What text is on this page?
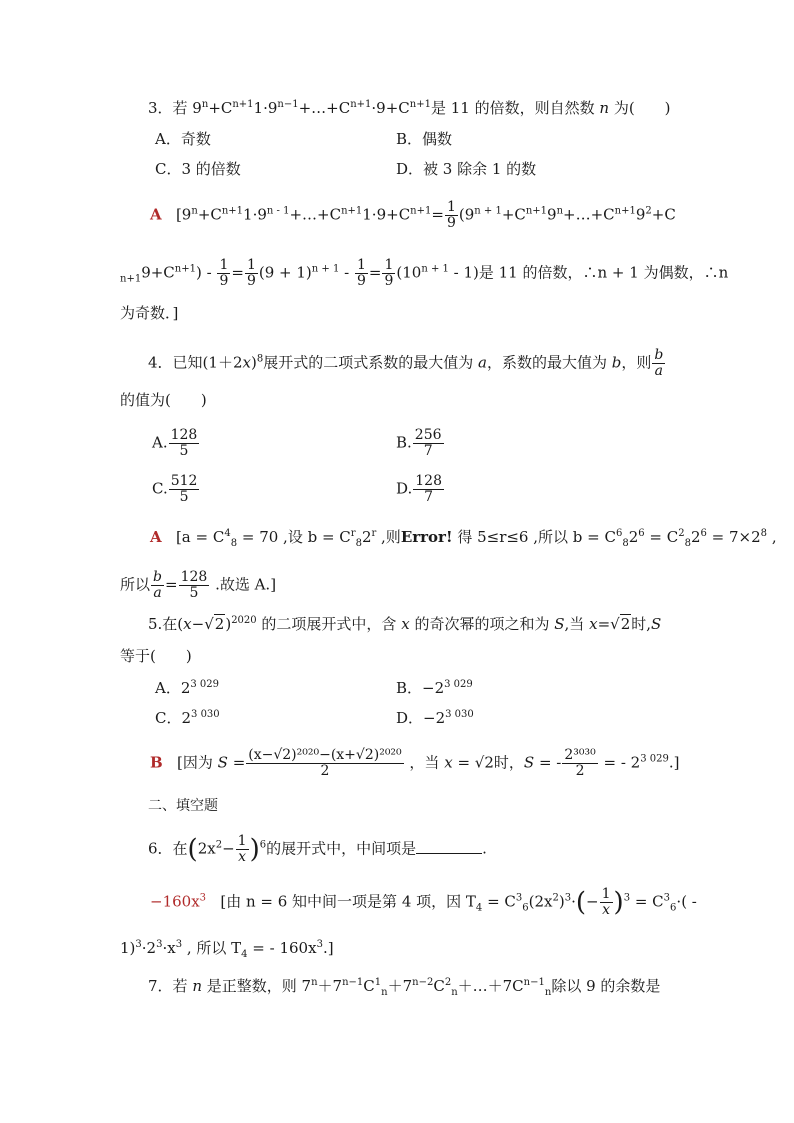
3．若 $9^n+C^{n+1}1\cdot 9^{n-1}+\dots+C^{n+1}\cdot 9+C^{n+1}$是 11 的倍数，则自然数 n 为(　　)
A．奇数	B．偶数
C．3 的倍数	D．被 3 除余 1 的数
A [$9^n+C^{n+1}1\cdot 9^{n - 1}+\dots+C^{n+1}1\cdot 9+C^{n+1}= \frac{1}{9}$ ($9^{n + 1}+C^{n+1}9^n+\dots+C^{n+1}9^2+C$
$_{n+1}9+C^{n+1}) - \frac{1}{9} = \frac{1}{9} (9 + 1)^{n + 1} - \frac{1}{9} = \frac{1}{9} (10^{n + 1} - 1)$是 11 的倍数，∴n + 1 为偶数，∴n
为奇数．]
4．已知$(1+2x)^8$展开式的二项式系数的最大值为 a，系数的最大值为 b，则 $\frac{b}{a}$
的值为(　　)
A. $\frac{128}{5}$	B. $\frac{256}{7}$
C. $\frac{512}{5}$	D. $\frac{128}{7}$
A [$a = C^4_8 = 70$ ,设 $b = C^r_82^r$ ,则Error! 得 5≤r≤6 ,所以 $b = C^6_82^6 = C^2_82^6 = 7\times 2^8$ ,
所以 $\frac{b}{a} = \frac{128}{5}$ .故选 A.]
5.在$(x-√2)^{2020}$ 的二项展开式中，含 x 的奇次幂的项之和为 S,当 x=√2时,S
等于(　　)
A．$2^{3 029}$	B．$-2^{3 029}$
C．$2^{3 030}$	D．$-2^{3 030}$
B [因为 $S = \frac{\text{(x−√2)²⁰²⁰−(x+√2)²⁰²⁰}}{2}$ ，当 x = √2时，S = - $\frac{\text{2³⁰³⁰}}{2}$ = - $2^{3 029}$.]
二、填空题
6．在$(2x^2- \frac{1}{x} )^6$的展开式中，中间项是	.
$-160x^3$ [由 n = 6 知中间一项是第 4 项，因 $T_4 = C^3_6(2x^2)^3\cdot(- \frac{1}{x} )^3 = C^3_6\cdot$( -
$1)^3\cdot 2^3\cdot x^3$ , 所以 $T_4$ = - $160x^3$.]
7．若 n 是正整数，则 $7^n+7^{n-1}C^1_n+7^{n-2}C^2_n+\dots+7C^{n-1}_n$除以 9 的余数是
